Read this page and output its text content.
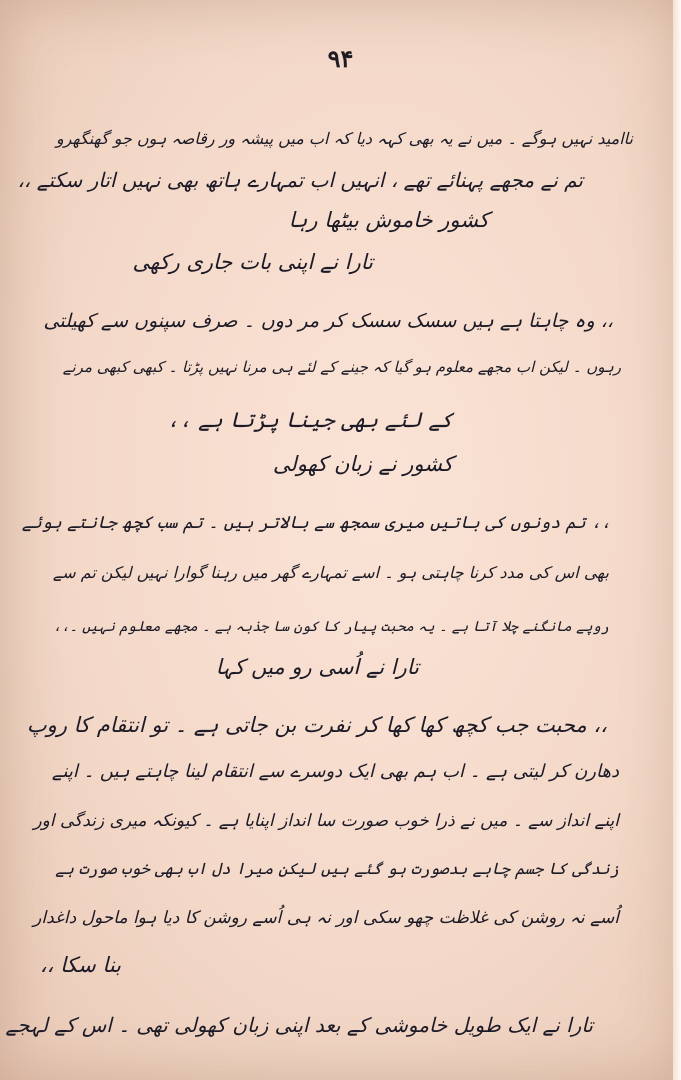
۹۴
ناامید نہیں ہوگے ۔ میں نے یہ بھی کہہ دیا کہ اب میں پیشہ ور رقاصہ ہوں جو گھنگھرو
تم نے مجھے پہنائے تھے ، انہیں اب تمہارے ہاتھ بھی نہیں اتار سکتے ،،
کشور خاموش بیٹھا رہا
تارا نے اپنی بات جاری رکھی
،، وہ چاہتا ہے ہیں سسک سسک کر مر دوں ۔ صرف سپنوں سے کھیلتی
رہوں ۔ لیکن اب مجھے معلوم ہو گیا کہ جینے کے لئے ہی مرنا نہیں پڑتا ۔ کبھی کبھی مرنے
کے لئے بھی جینا پڑتا ہے ،،
کشور نے زبان کھولی
،، تم دونوں کی باتیں میری سمجھ سے بالاتر ہیں ۔ تم سب کچھ جانتے ہوئے
بھی اس کی مدد کرنا چاہتی ہو ۔ اسے تمہارے گھر میں رہنا گوارا نہیں لیکن تم سے
روپے مانگنے چلا آتا ہے ۔ یہ محبت پیار کا کون سا جذبہ ہے ۔ مجھے معلوم نہیں ۔،،
تارا نے اُسی رو میں کہا
،، محبت جب کچھ کھا کھا کر نفرت بن جاتی ہے ۔ تو انتقام کا روپ
دھارن کر لیتی ہے ۔ اب ہم بھی ایک دوسرے سے انتقام لینا چاہتے ہیں ۔ اپنے
اپنے انداز سے ۔ میں نے ذرا خوب صورت سا انداز اپنایا ہے ۔ کیونکہ میری زندگی اور
زندگی کا جسم چاہے بدصورت ہو گئے ہیں لیکن میرا دل اب بھی خوب صورت ہے
اُسے نہ روشن کی غلاظت چھو سکی اور نہ ہی اُسے روشن کا دیا ہوا ماحول داغدار
بنا سکا ،،
تارا نے ایک طویل خاموشی کے بعد اپنی زبان کھولی تھی ۔ اس کے لہجے
